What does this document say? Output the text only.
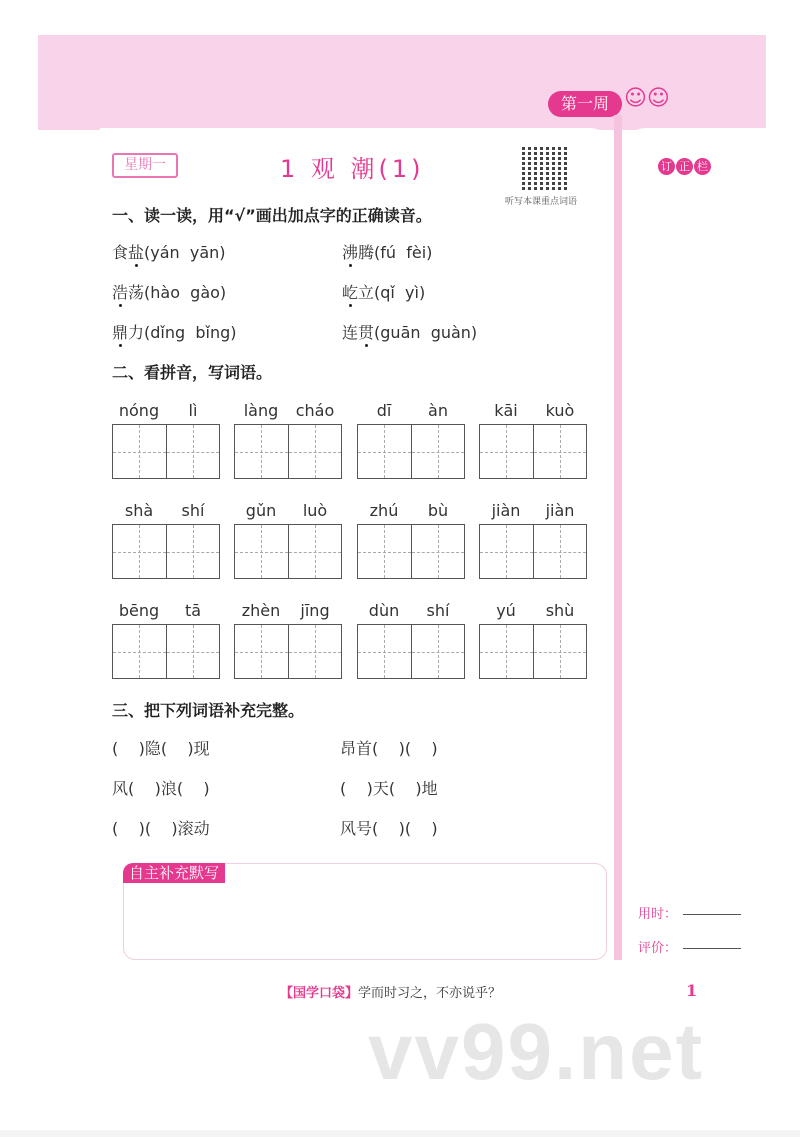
第一周 ☺☺
星期一	1 观 潮(1)
听写本课重点词语
订 正 栏
一、读一读，用“√”画出加点字的正确读音。
食盐(yán  yān)	沸腾(fú  fèi)
浩荡(hào  gào)	屹立(qǐ  yì)
鼎力(dǐng  bǐng)	连贯(guān  guàn)
二、看拼音，写词语。
nóng	lì	làng	cháo	dī	àn	kāi	kuò
shà	shí	gǔn	luò	zhú	bù	jiàn	jiàn
bēng	tā	zhèn	jīng	dùn	shí	yú	shù
三、把下列词语补充完整。
(    )隐(    )现	昂首(    )(    )
风(    )浪(    )	(    )天(    )地
(    )(    )滚动	风号(    )(    )
自主补充默写
用时：
评价：
vv99.net
【国学口袋】学而时习之，不亦说乎？	1
